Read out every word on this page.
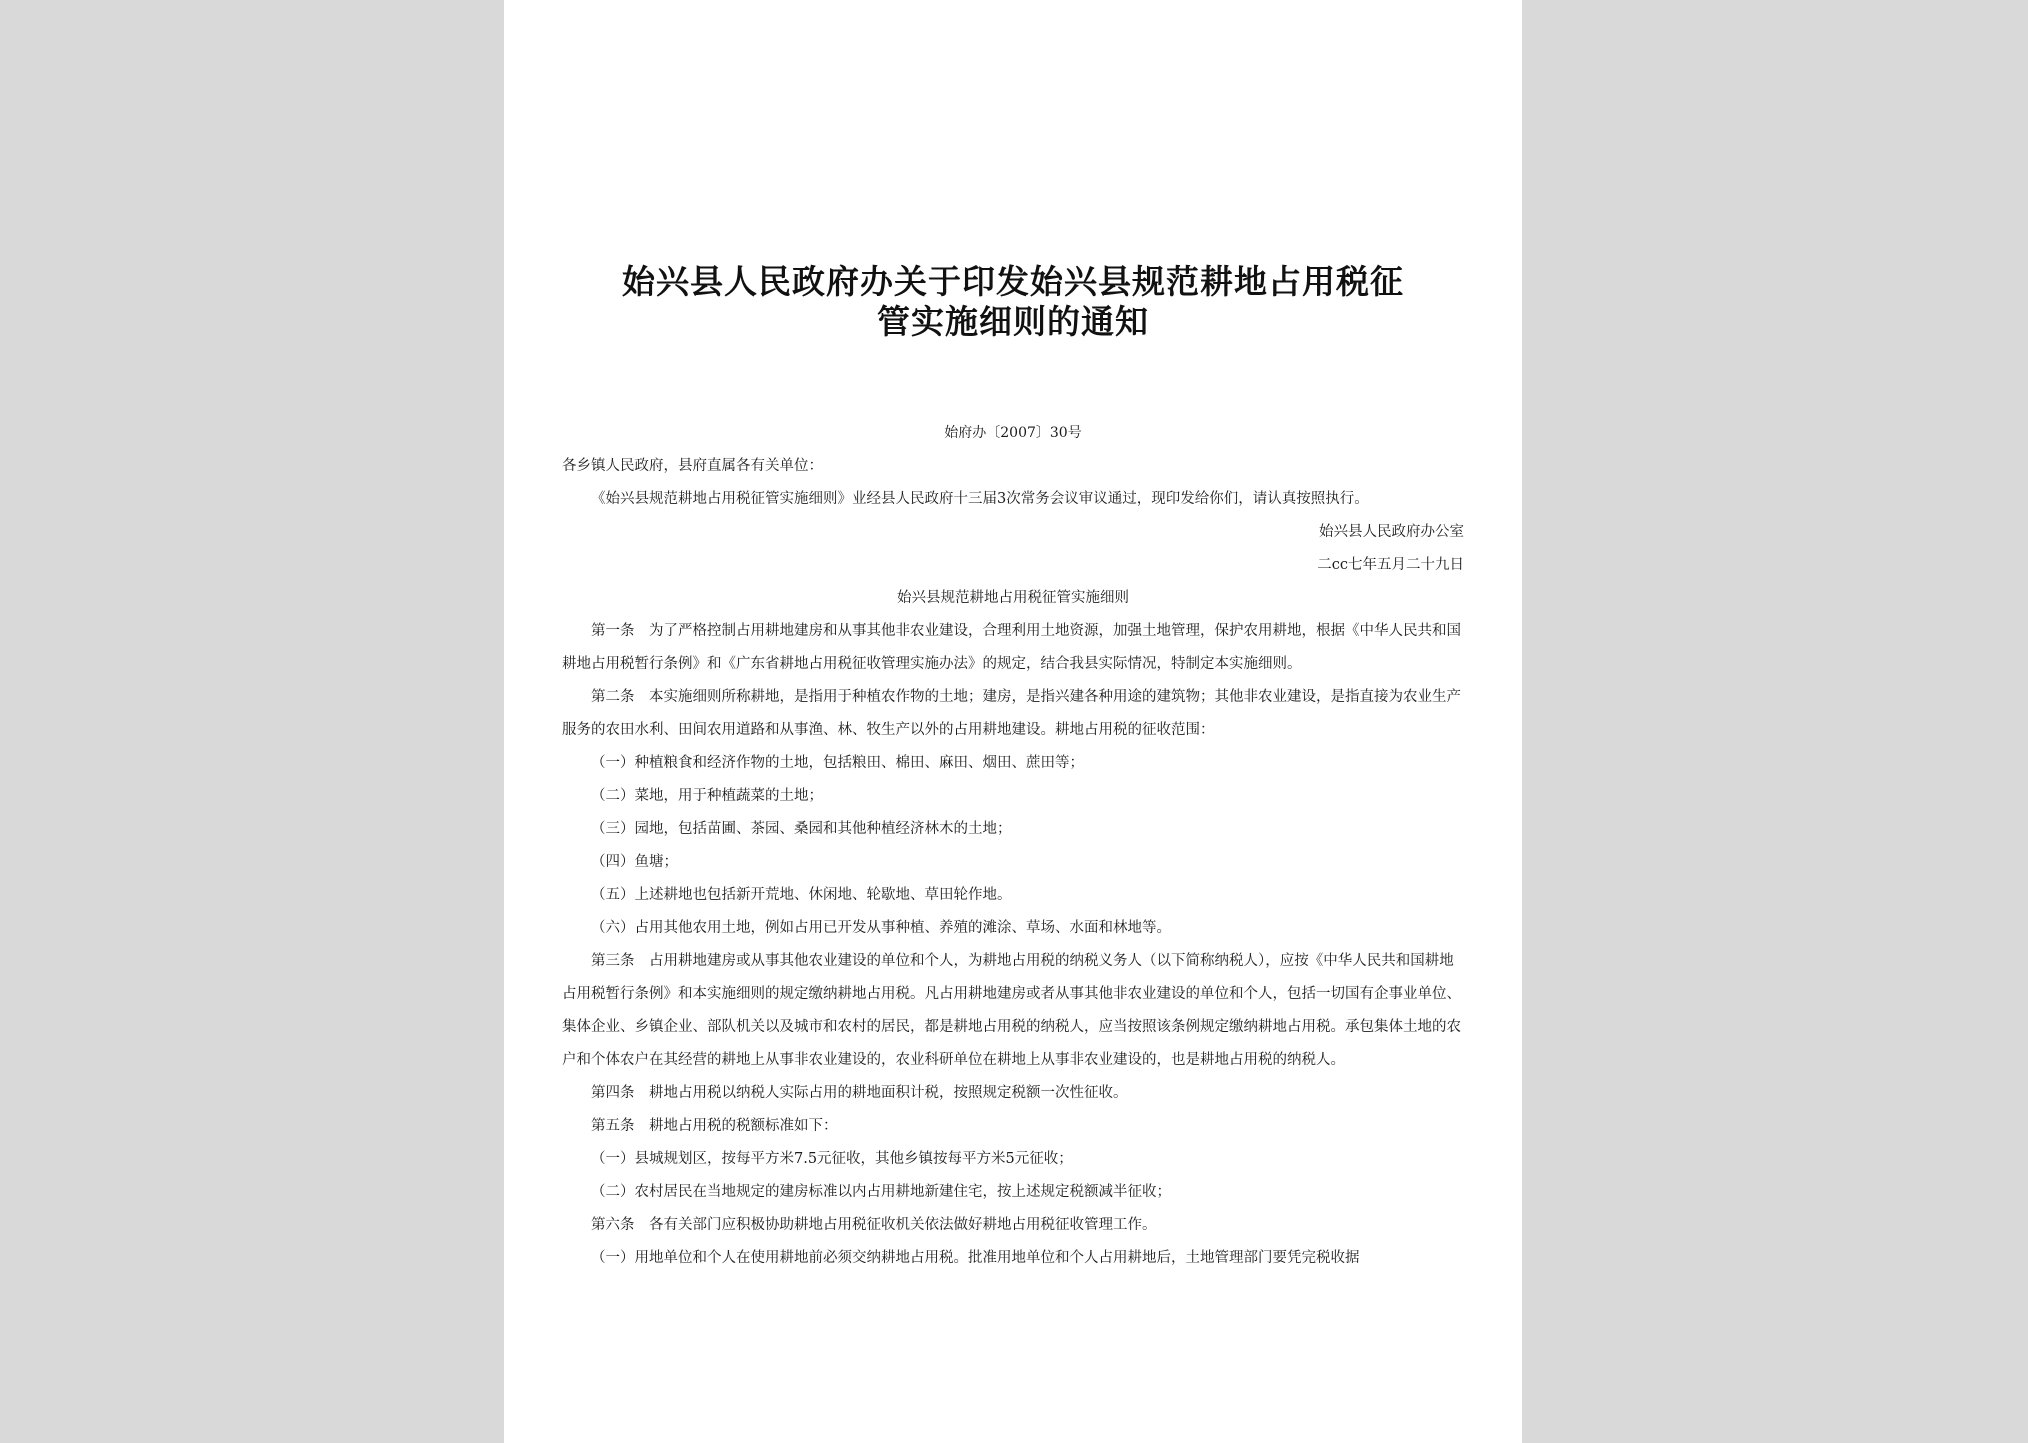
始兴县人民政府办关于印发始兴县规范耕地占用税征
管实施细则的通知
始府办〔2007〕30号

各乡镇人民政府，县府直属各有关单位：

《始兴县规范耕地占用税征管实施细则》业经县人民政府十三届3次常务会议审议通过，现印发给你们，请认真按照执行。

始兴县人民政府办公室

二cc七年五月二十九日

始兴县规范耕地占用税征管实施细则

第一条　为了严格控制占用耕地建房和从事其他非农业建设，合理利用土地资源，加强土地管理，保护农用耕地，根据《中华人民共和国耕地占用税暂行条例》和《广东省耕地占用税征收管理实施办法》的规定，结合我县实际情况，特制定本实施细则。

第二条　本实施细则所称耕地，是指用于种植农作物的土地；建房，是指兴建各种用途的建筑物；其他非农业建设，是指直接为农业生产服务的农田水利、田间农用道路和从事渔、林、牧生产以外的占用耕地建设。耕地占用税的征收范围：

（一）种植粮食和经济作物的土地，包括粮田、棉田、麻田、烟田、蔗田等；

（二）菜地，用于种植蔬菜的土地；

（三）园地，包括苗圃、茶园、桑园和其他种植经济林木的土地；

（四）鱼塘；

（五）上述耕地也包括新开荒地、休闲地、轮歇地、草田轮作地。

（六）占用其他农用土地，例如占用已开发从事种植、养殖的滩涂、草场、水面和林地等。

第三条　占用耕地建房或从事其他农业建设的单位和个人，为耕地占用税的纳税义务人（以下简称纳税人），应按《中华人民共和国耕地占用税暂行条例》和本实施细则的规定缴纳耕地占用税。凡占用耕地建房或者从事其他非农业建设的单位和个人，包括一切国有企事业单位、集体企业、乡镇企业、部队机关以及城市和农村的居民，都是耕地占用税的纳税人，应当按照该条例规定缴纳耕地占用税。承包集体土地的农户和个体农户在其经营的耕地上从事非农业建设的，农业科研单位在耕地上从事非农业建设的，也是耕地占用税的纳税人。

第四条　耕地占用税以纳税人实际占用的耕地面积计税，按照规定税额一次性征收。

第五条　耕地占用税的税额标准如下：

（一）县城规划区，按每平方米7.5元征收，其他乡镇按每平方米5元征收；

（二）农村居民在当地规定的建房标准以内占用耕地新建住宅，按上述规定税额减半征收；

第六条　各有关部门应积极协助耕地占用税征收机关依法做好耕地占用税征收管理工作。

（一）用地单位和个人在使用耕地前必须交纳耕地占用税。批准用地单位和个人占用耕地后，土地管理部门要凭完税收据
